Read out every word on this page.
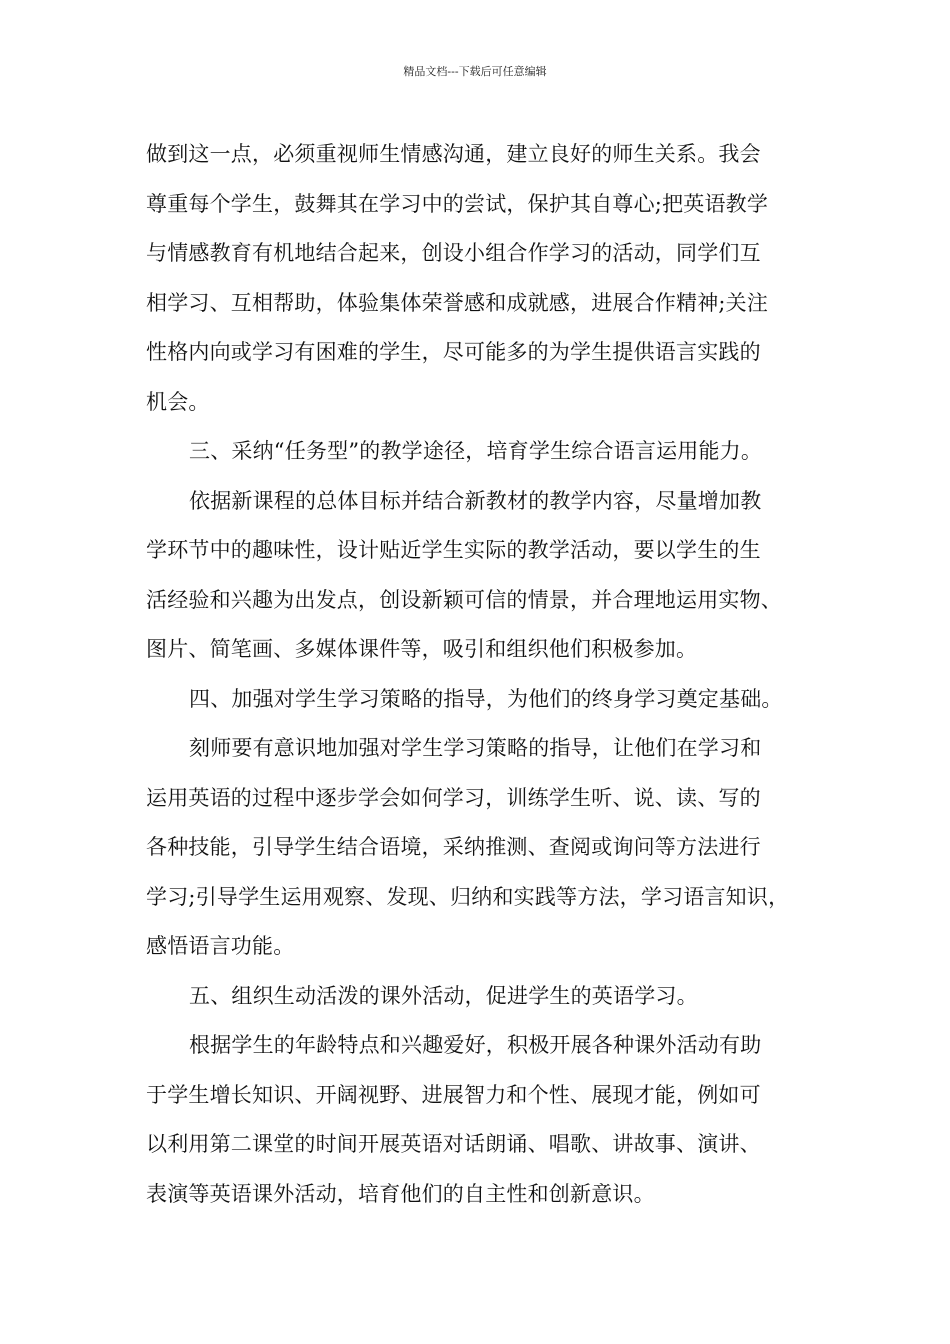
精品文档---下载后可任意编辑
做到这一点，必须重视师生情感沟通，建立良好的师生关系。我会
尊重每个学生，鼓舞其在学习中的尝试，保护其自尊心;把英语教学
与情感教育有机地结合起来，创设小组合作学习的活动，同学们互
相学习、互相帮助，体验集体荣誉感和成就感，进展合作精神;关注
性格内向或学习有困难的学生，尽可能多的为学生提供语言实践的
机会。
三、采纳“任务型”的教学途径，培育学生综合语言运用能力。
依据新课程的总体目标并结合新教材的教学内容，尽量增加教
学环节中的趣味性，设计贴近学生实际的教学活动，要以学生的生
活经验和兴趣为出发点，创设新颖可信的情景，并合理地运用实物、
图片、简笔画、多媒体课件等，吸引和组织他们积极参加。
四、加强对学生学习策略的指导，为他们的终身学习奠定基础。
刻师要有意识地加强对学生学习策略的指导，让他们在学习和
运用英语的过程中逐步学会如何学习，训练学生听、说、读、写的
各种技能，引导学生结合语境，采纳推测、查阅或询问等方法进行
学习;引导学生运用观察、发现、归纳和实践等方法，学习语言知识，
感悟语言功能。
五、组织生动活泼的课外活动，促进学生的英语学习。
根据学生的年龄特点和兴趣爱好，积极开展各种课外活动有助
于学生增长知识、开阔视野、进展智力和个性、展现才能，例如可
以利用第二课堂的时间开展英语对话朗诵、唱歌、讲故事、演讲、
表演等英语课外活动，培育他们的自主性和创新意识。
